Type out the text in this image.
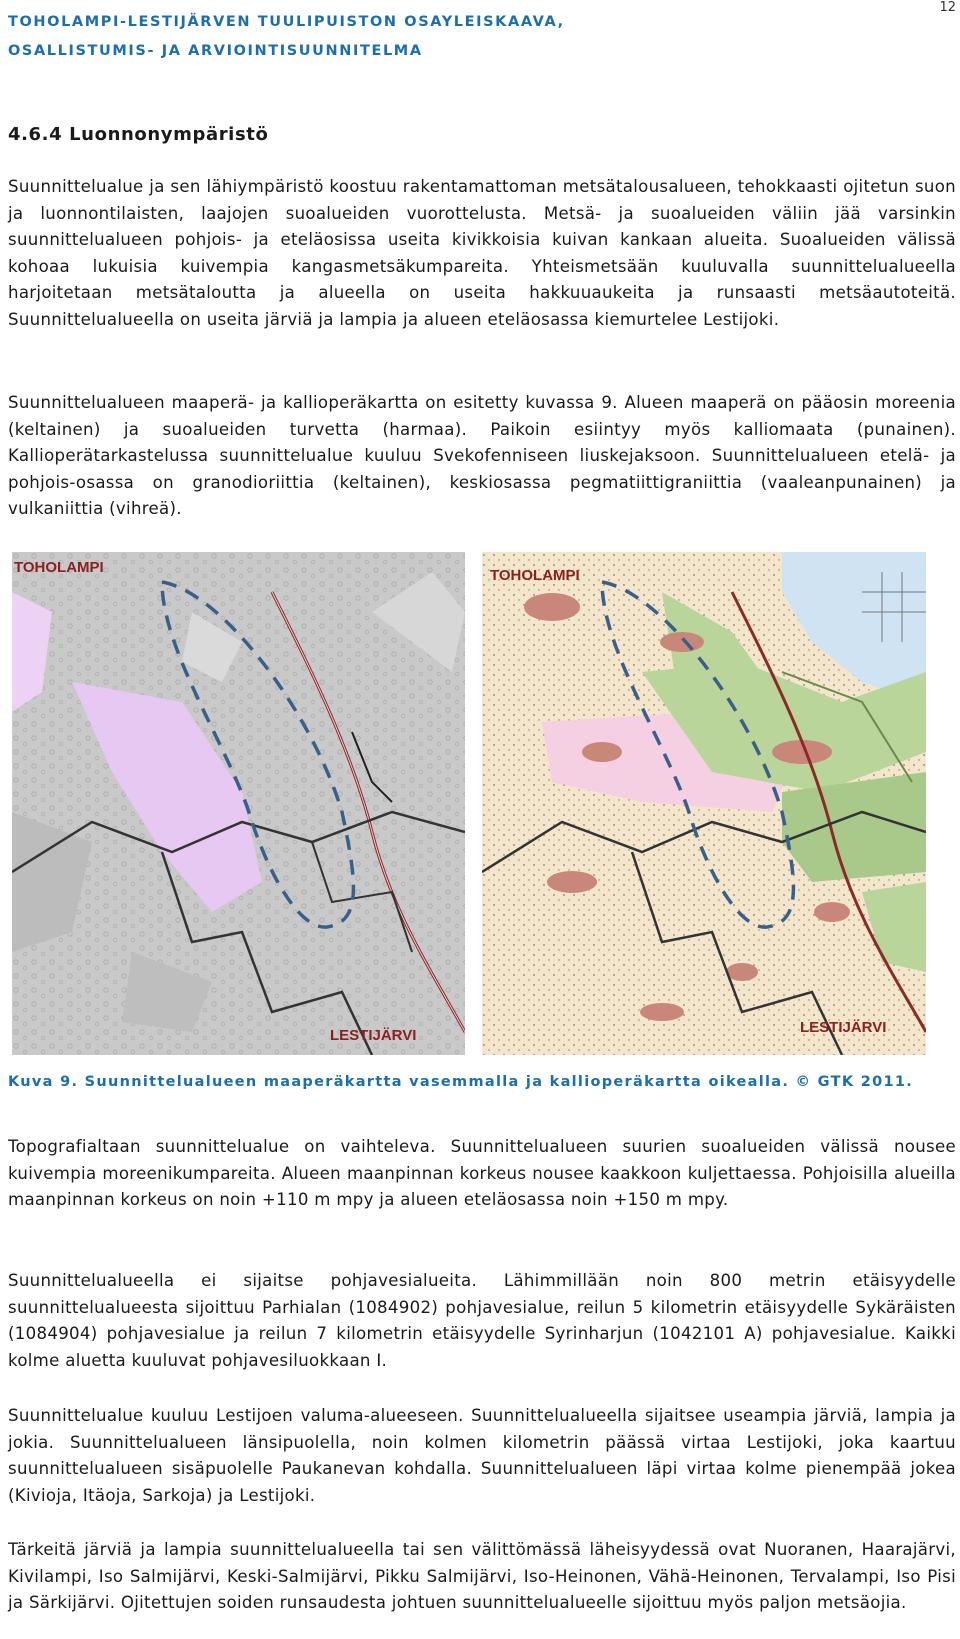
TOHOLAMPI-LESTIJÄRVEN TUULIPUISTON OSAYLEISKAAVA,
OSALLISTUMIS- JA ARVIOINTISUUNNITELMA
12
4.6.4 Luonnonympäristö

Suunnittelualue ja sen lähiympäristö koostuu rakentamattoman metsätalousalueen, tehokkaasti ojitetun suon ja luonnontilaisten, laajojen suoalueiden vuorottelusta. Metsä- ja suoalueiden väliin jää varsinkin suunnittelualueen pohjois- ja eteläosissa useita kivikkoisia kuivan kankaan alueita. Suoalueiden välissä kohoaa lukuisia kuivempia kangasmetsäkumpareita. Yhteismetsään kuuluvalla suunnittelualueella harjoitetaan metsätaloutta ja alueella on useita hakkuuaukeita ja runsaasti metsäautoteitä. Suunnittelualueella on useita järviä ja lampia ja alueen eteläosassa kiemurtelee Lestijoki.

Suunnittelualueen maaperä- ja kallioperäkartta on esitetty kuvassa 9. Alueen maaperä on pääosin moreenia (keltainen) ja suoalueiden turvetta (harmaa). Paikoin esiintyy myös kalliomaata (punainen). Kallioperätarkastelussa suunnittelualue kuuluu Svekofenniseen liuskejaksoon. Suunnittelualueen etelä- ja pohjois-osassa on granodioriittia (keltainen), keskiosassa pegmatiittigraniittia (vaaleanpunainen) ja vulkaniittia (vihreä).

TOHOLAMPI
LESTIJÄRVI
TOHOLAMPI
LESTIJÄRVI
Kuva 9. Suunnittelualueen maaperäkartta vasemmalla ja kallioperäkartta oikealla. © GTK 2011.

Topografialtaan suunnittelualue on vaihteleva. Suunnittelualueen suurien suoalueiden välissä nousee kuivempia moreenikumpareita. Alueen maanpinnan korkeus nousee kaakkoon kuljettaessa. Pohjoisilla alueilla maanpinnan korkeus on noin +110 m mpy ja alueen eteläosassa noin +150 m mpy.

Suunnittelualueella ei sijaitse pohjavesialueita. Lähimmillään noin 800 metrin etäisyydelle suunnittelualueesta sijoittuu Parhialan (1084902) pohjavesialue, reilun 5 kilometrin etäisyydelle Sykäräisten (1084904) pohjavesialue ja reilun 7 kilometrin etäisyydelle Syrinharjun (1042101 A) pohjavesialue. Kaikki kolme aluetta kuuluvat pohjavesiluokkaan I.

Suunnittelualue kuuluu Lestijoen valuma-alueeseen. Suunnittelualueella sijaitsee useampia järviä, lampia ja jokia. Suunnittelualueen länsipuolella, noin kolmen kilometrin päässä virtaa Lestijoki, joka kaartuu suunnittelualueen sisäpuolelle Paukanevan kohdalla. Suunnittelualueen läpi virtaa kolme pienempää jokea (Kivioja, Itäoja, Sarkoja) ja Lestijoki.

Tärkeitä järviä ja lampia suunnittelualueella tai sen välittömässä läheisyydessä ovat Nuoranen, Haarajärvi, Kivilampi, Iso Salmijärvi, Keski-Salmijärvi, Pikku Salmijärvi, Iso-Heinonen, Vähä-Heinonen, Tervalampi, Iso Pisi ja Särkijärvi. Ojitettujen soiden runsaudesta johtuen suunnittelualueelle sijoittuu myös paljon metsäojia.
